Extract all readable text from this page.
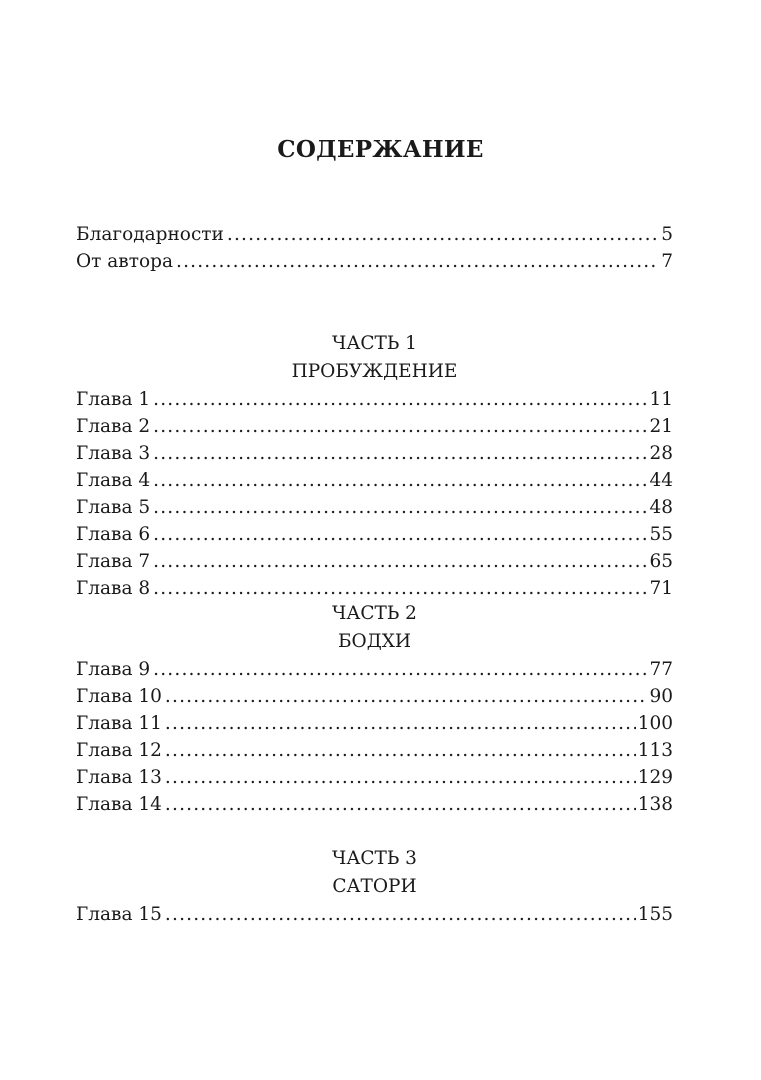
СОДЕРЖАНИЕ
Благодарности .....	5
От автора .....	7
ЧАСТЬ 1
ПРОБУЖДЕНИЕ
Глава 1 .....	11
Глава 2 .....	21
Глава 3 .....	28
Глава 4 .....	44
Глава 5 .....	48
Глава 6 .....	55
Глава 7 .....	65
Глава 8 .....	71
ЧАСТЬ 2
БОДХИ
Глава 9 .....	77
Глава 10 .....	90
Глава 11 .....	100
Глава 12 .....	113
Глава 13 .....	129
Глава 14 .....	138
ЧАСТЬ 3
САТОРИ
Глава 15 .....	155
